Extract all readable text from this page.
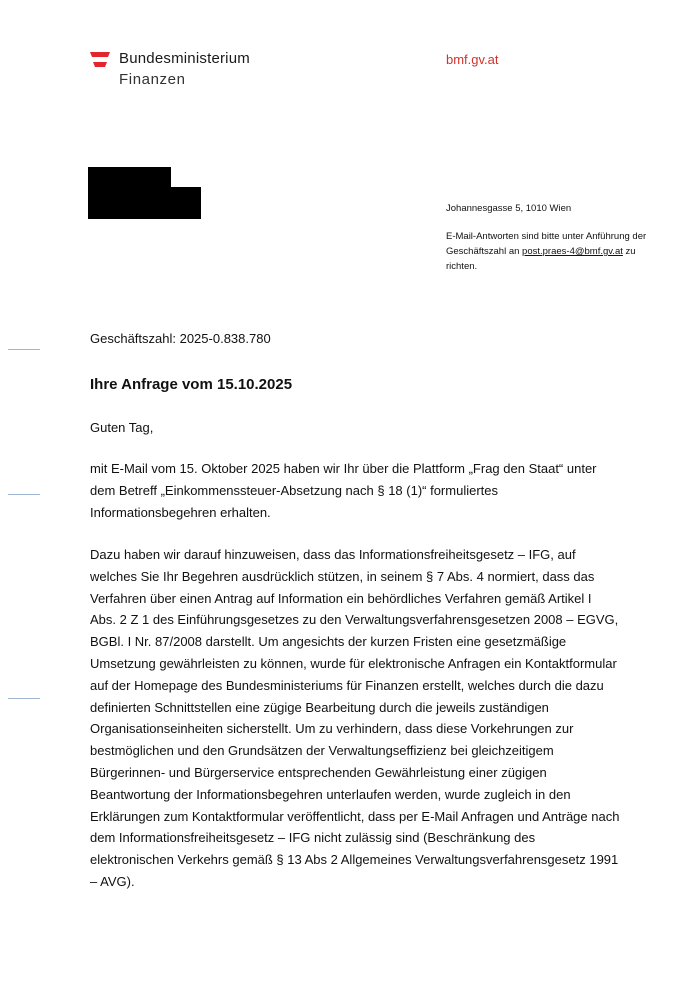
Bundesministerium
Finanzen
bmf.gv.at
Johannesgasse 5, 1010 Wien
E-Mail-Antworten sind bitte unter Anführung der Geschäftszahl an post.praes-4@bmf.gv.at zu richten.
Geschäftszahl: 2025-0.838.780
Ihre Anfrage vom 15.10.2025
Guten Tag,
mit E-Mail vom 15. Oktober 2025 haben wir Ihr über die Plattform „Frag den Staat“ unter dem Betreff „Einkommenssteuer-Absetzung nach § 18 (1)“ formuliertes Informationsbegehren erhalten.
Dazu haben wir darauf hinzuweisen, dass das Informationsfreiheitsgesetz – IFG, auf welches Sie Ihr Begehren ausdrücklich stützen, in seinem § 7 Abs. 4 normiert, dass das Verfahren über einen Antrag auf Information ein behördliches Verfahren gemäß Artikel I Abs. 2 Z 1 des Einführungsgesetzes zu den Verwaltungsverfahrensgesetzen 2008 – EGVG, BGBl. I Nr. 87/2008 darstellt. Um angesichts der kurzen Fristen eine gesetzmäßige Umsetzung gewährleisten zu können, wurde für elektronische Anfragen ein Kontaktformular auf der Homepage des Bundesministeriums für Finanzen erstellt, welches durch die dazu definierten Schnittstellen eine zügige Bearbeitung durch die jeweils zuständigen Organisationseinheiten sicherstellt. Um zu verhindern, dass diese Vorkehrungen zur bestmöglichen und den Grundsätzen der Verwaltungseffizienz bei gleichzeitigem Bürgerinnen- und Bürgerservice entsprechenden Gewährleistung einer zügigen Beantwortung der Informationsbegehren unterlaufen werden, wurde zugleich in den Erklärungen zum Kontaktformular veröffentlicht, dass per E-Mail Anfragen und Anträge nach dem Informationsfreiheitsgesetz – IFG nicht zulässig sind (Beschränkung des elektronischen Verkehrs gemäß § 13 Abs 2 Allgemeines Verwaltungsverfahrensgesetz 1991 – AVG).
